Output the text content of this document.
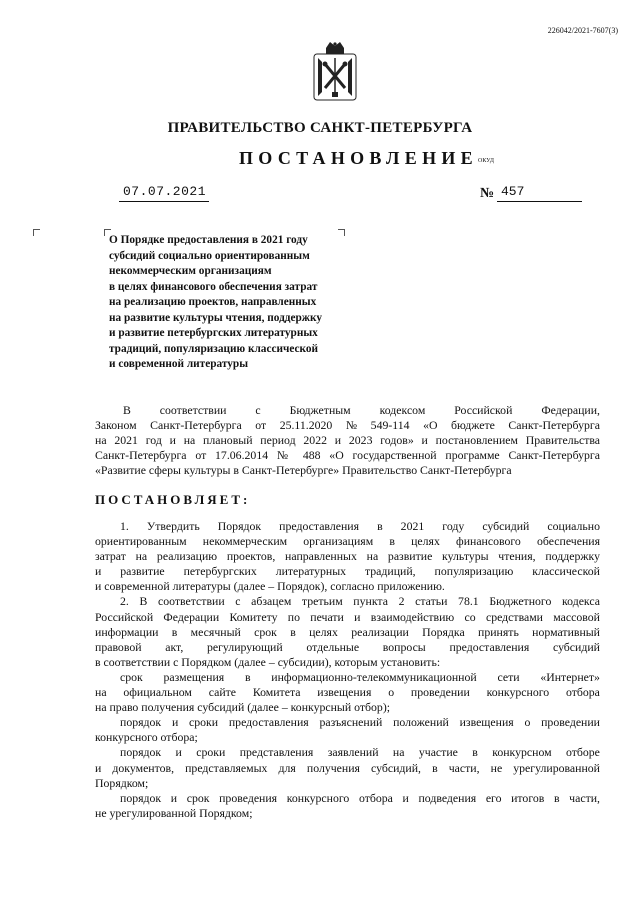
226042/2021-7607(3)
ПРАВИТЕЛЬСТВО САНКТ-ПЕТЕРБУРГА
ПОСТАНОВЛЕНИЕ ОКУД
07.07.2021	№ 457
О Порядке предоставления в 2021 году
субсидий социально ориентированным
некоммерческим организациям
в целях финансового обеспечения затрат
на реализацию проектов, направленных
на развитие культуры чтения, поддержку
и развитие петербургских литературных
традиций, популяризацию классической
и современной литературы
В соответствии с Бюджетным кодексом Российской Федерации,
Законом Санкт-Петербурга от 25.11.2020 № 549-114 «О бюджете Санкт-Петербурга
на 2021 год и на плановый период 2022 и 2023 годов» и постановлением Правительства
Санкт-Петербурга от 17.06.2014 № 488 «О государственной программе Санкт-Петербурга
«Развитие сферы культуры в Санкт-Петербурге» Правительство Санкт-Петербурга
ПОСТАНОВЛЯЕТ:
1. Утвердить Порядок предоставления в 2021 году субсидий социально
ориентированным некоммерческим организациям в целях финансового обеспечения
затрат на реализацию проектов, направленных на развитие культуры чтения, поддержку
и развитие петербургских литературных традиций, популяризацию классической
и современной литературы (далее – Порядок), согласно приложению.
2. В соответствии с абзацем третьим пункта 2 статьи 78.1 Бюджетного кодекса
Российской Федерации Комитету по печати и взаимодействию со средствами массовой
информации в месячный срок в целях реализации Порядка принять нормативный
правовой акт, регулирующий отдельные вопросы предоставления субсидий
в соответствии с Порядком (далее – субсидии), которым установить:
срок размещения в информационно-телекоммуникационной сети «Интернет»
на официальном сайте Комитета извещения о проведении конкурсного отбора
на право получения субсидий (далее – конкурсный отбор);
порядок и сроки предоставления разъяснений положений извещения о проведении
конкурсного отбора;
порядок и сроки представления заявлений на участие в конкурсном отборе
и документов, представляемых для получения субсидий, в части, не урегулированной
Порядком;
порядок и срок проведения конкурсного отбора и подведения его итогов в части,
не урегулированной Порядком;
